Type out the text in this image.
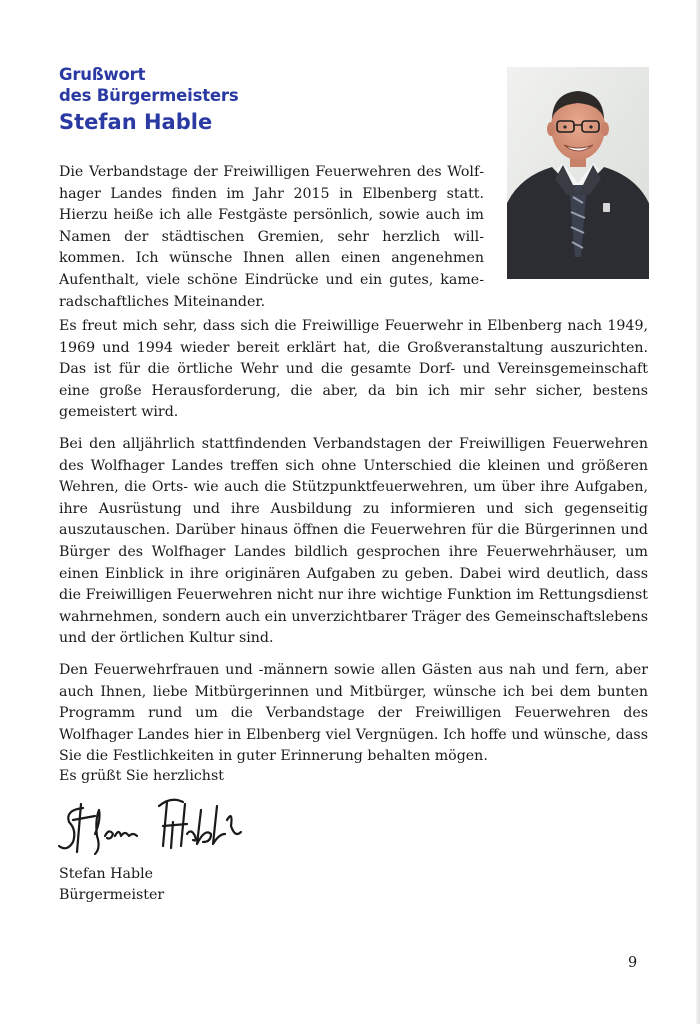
Grußwort
des Bürgermeisters
Stefan Hable

Die Verbandstage der Freiwilligen Feuerwehren des Wolfhager Landes finden im Jahr 2015 in Elbenberg statt. Hierzu heiße ich alle Festgäste persönlich, sowie auch im Namen der städtischen Gremien, sehr herzlich willkommen. Ich wünsche Ihnen allen einen angenehmen Aufenthalt, viele schöne Eindrücke und ein gutes, kameradschaftliches Miteinander.

Es freut mich sehr, dass sich die Freiwillige Feuerwehr in Elbenberg nach 1949, 1969 und 1994 wieder bereit erklärt hat, die Großveranstaltung auszurichten. Das ist für die örtliche Wehr und die gesamte Dorf- und Vereinsgemeinschaft eine große Herausforderung, die aber, da bin ich mir sehr sicher, bestens gemeistert wird.

Bei den alljährlich stattfindenden Verbandstagen der Freiwilligen Feuerwehren des Wolfhager Landes treffen sich ohne Unterschied die kleinen und größeren Wehren, die Orts- wie auch die Stützpunktfeuerwehren, um über ihre Aufgaben, ihre Ausrüstung und ihre Ausbildung zu informieren und sich gegenseitig auszutauschen. Darüber hinaus öffnen die Feuerwehren für die Bürgerinnen und Bürger des Wolfhager Landes bildlich gesprochen ihre Feuerwehrhäuser, um einen Einblick in ihre originären Aufgaben zu geben. Dabei wird deutlich, dass die Freiwilligen Feuerwehren nicht nur ihre wichtige Funktion im Rettungsdienst wahrnehmen, sondern auch ein unverzichtbarer Träger des Gemeinschaftslebens und der örtlichen Kultur sind.

Den Feuerwehrfrauen und -männern sowie allen Gästen aus nah und fern, aber auch Ihnen, liebe Mitbürgerinnen und Mitbürger, wünsche ich bei dem bunten Programm rund um die Verbandstage der Freiwilligen Feuerwehren des Wolfhager Landes hier in Elbenberg viel Vergnügen. Ich hoffe und wünsche, dass Sie die Festlichkeiten in guter Erinnerung behalten mögen.

Es grüßt Sie herzlichst
Stefan Hable
Bürgermeister
9
